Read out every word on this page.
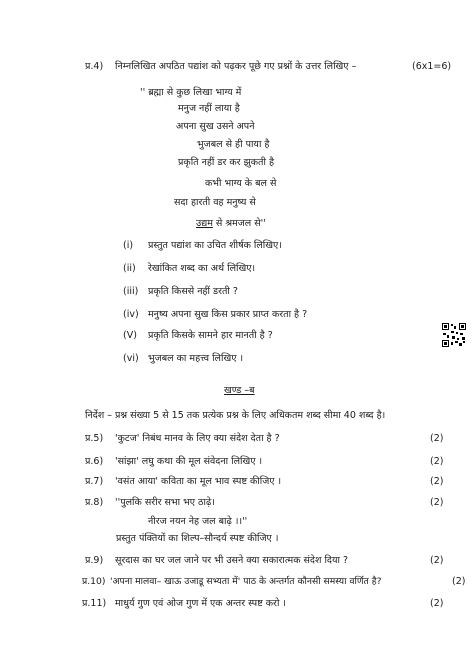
प्र.4) निम्नलिखित अपठित पद्यांश को पढ़कर पूछे गए प्रश्नों के उत्तर लिखिए –	(6x1=6)
'' ब्रह्मा से कुछ लिखा भाग्य में
मनुज नहीं लाया है
अपना सुख उसने अपने
भुजबल से ही पाया है
प्रकृति नहीं डर कर झुकती है
कभी भाग्य के बल से
सदा हारती वह मनुष्य से
उद्यम से श्रमजल से''
(i) प्रस्तुत पद्यांश का उचित शीर्षक लिखिए।
(ii) रेखांकित शब्द का अर्थ लिखिए।
(iii) प्रकृति किससे नहीं डरती ?
(iv) मनुष्य अपना सुख किस प्रकार प्राप्त करता है ?
(V) प्रकृति किसके सामने हार मानती है ?
(vi) भुजबल का महत्त्व लिखिए ।
खण्ड –ब
निर्देश – प्रश्न संख्या 5 से 15 तक प्रत्येक प्रश्न के लिए अधिकतम शब्द सीमा 40 शब्द है।
प्र.5) 'कुटज' निबंध मानव के लिए क्या संदेश देता है ?	(2)
प्र.6) 'सांझा' लघु कथा की मूल संवेदना लिखिए ।	(2)
प्र.7) 'वसंत आया' कविता का मूल भाव स्पष्ट कीजिए ।	(2)
प्र.8) ''पुलकि सरीर सभा भए ठाढ़े।	(2)
नीरज नयन नेह जल बाढ़े ।।''
प्रस्तुत पंक्तियों का शिल्प–सौन्दर्य स्पष्ट कीजिए ।
प्र.9) सूरदास का घर जल जाने पर भी उसने क्या सकारात्मक संदेश दिया ?	(2)
प्र.10) 'अपना मालवा– खाऊ उजाडू सभ्यता में' पाठ के अन्तर्गत कौनसी समस्या वर्णित है?	(2)
प्र.11) माधुर्य गुण एवं ओज गुण में एक अन्तर स्पष्ट करो ।	(2)
